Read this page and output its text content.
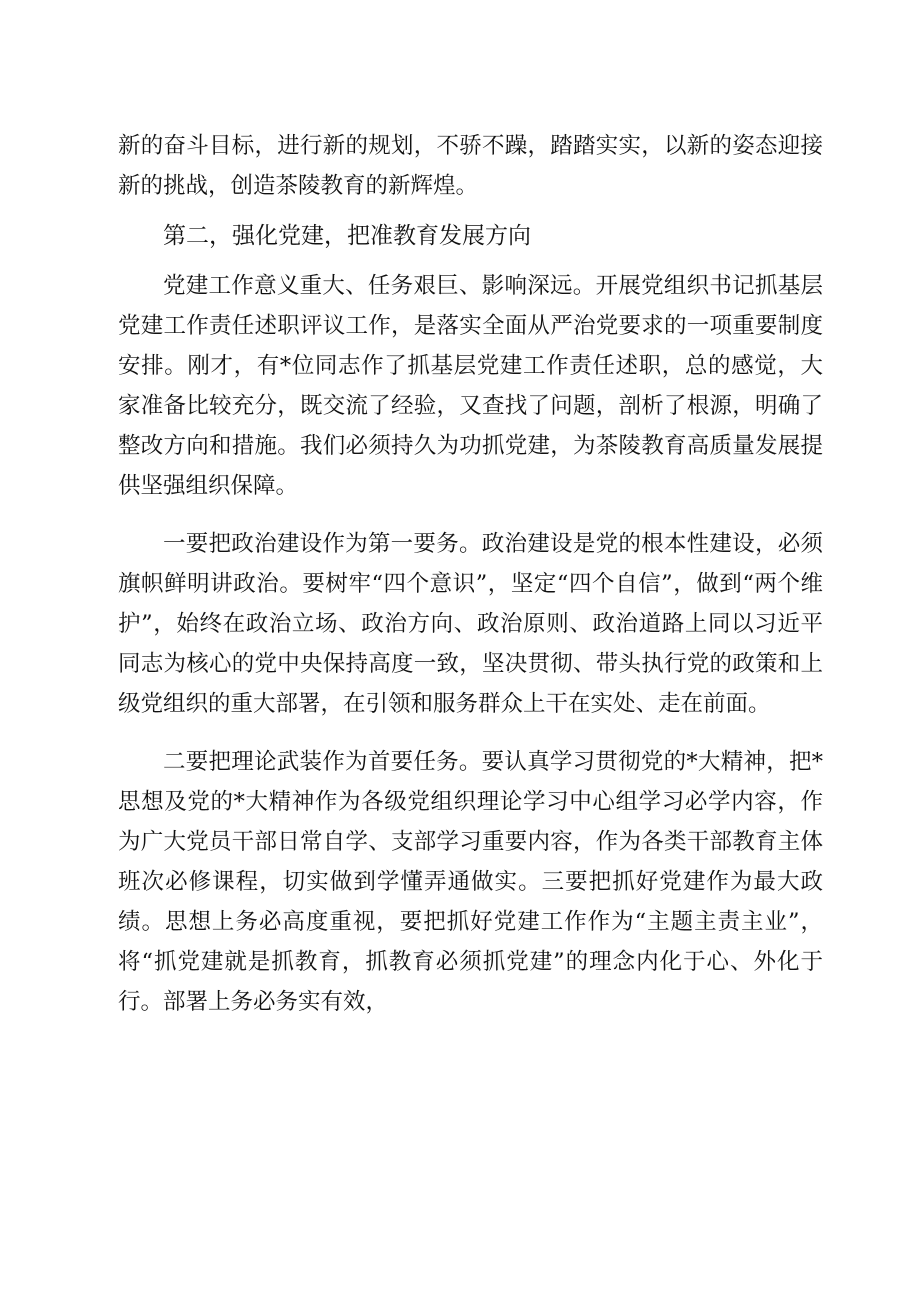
新的奋斗目标，进行新的规划，不骄不躁，踏踏实实，以新的姿态迎接新的挑战，创造茶陵教育的新辉煌。

第二，强化党建，把准教育发展方向

党建工作意义重大、任务艰巨、影响深远。开展党组织书记抓基层党建工作责任述职评议工作，是落实全面从严治党要求的一项重要制度安排。刚才，有*位同志作了抓基层党建工作责任述职，总的感觉，大家准备比较充分，既交流了经验，又查找了问题，剖析了根源，明确了整改方向和措施。我们必须持久为功抓党建，为茶陵教育高质量发展提供坚强组织保障。

一要把政治建设作为第一要务。政治建设是党的根本性建设，必须旗帜鲜明讲政治。要树牢“四个意识”，坚定“四个自信”，做到“两个维护”，始终在政治立场、政治方向、政治原则、政治道路上同以习近平同志为核心的党中央保持高度一致，坚决贯彻、带头执行党的政策和上级党组织的重大部署，在引领和服务群众上干在实处、走在前面。

二要把理论武装作为首要任务。要认真学习贯彻党的*大精神，把*思想及党的*大精神作为各级党组织理论学习中心组学习必学内容，作为广大党员干部日常自学、支部学习重要内容，作为各类干部教育主体班次必修课程，切实做到学懂弄通做实。三要把抓好党建作为最大政绩。思想上务必高度重视，要把抓好党建工作作为“主题主责主业”，将“抓党建就是抓教育，抓教育必须抓党建”的理念内化于心、外化于行。部署上务必务实有效，
